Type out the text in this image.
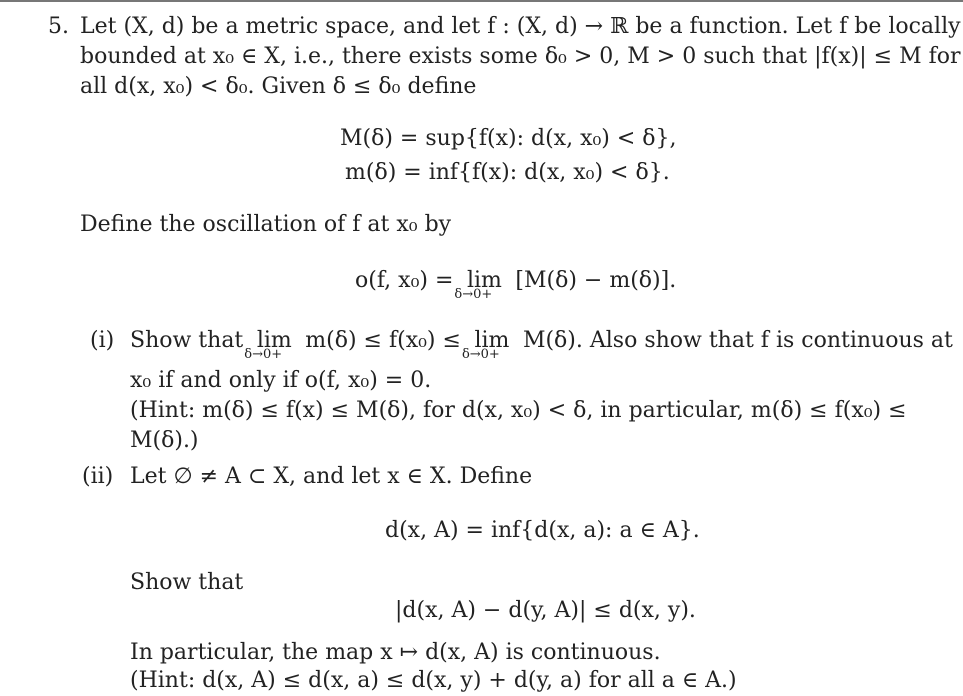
5. Let (X, d) be a metric space, and let f : (X, d) → ℝ be a function. Let f be locally
bounded at x₀ ∈ X, i.e., there exists some δ₀ > 0, M > 0 such that |f(x)| ≤ M for
all d(x, x₀) < δ₀. Given δ ≤ δ₀ define
M(δ) = sup{f(x): d(x, x₀) < δ},
m(δ) = inf{f(x): d(x, x₀) < δ}.
Define the oscillation of f at x₀ by
o(f, x₀) = lim
δ→0+
[M(δ) − m(δ)].
(i) Show that lim
δ→0+
m(δ) ≤ f(x₀) ≤ lim
δ→0+
M(δ). Also show that f is continuous at
x₀ if and only if o(f, x₀) = 0.
(Hint: m(δ) ≤ f(x) ≤ M(δ), for d(x, x₀) < δ, in particular, m(δ) ≤ f(x₀) ≤
M(δ).)
(ii) Let ∅ ≠ A ⊂ X, and let x ∈ X. Define
d(x, A) = inf{d(x, a): a ∈ A}.
Show that
|d(x, A) − d(y, A)| ≤ d(x, y).
In particular, the map x ↦ d(x, A) is continuous.
(Hint: d(x, A) ≤ d(x, a) ≤ d(x, y) + d(y, a) for all a ∈ A.)
